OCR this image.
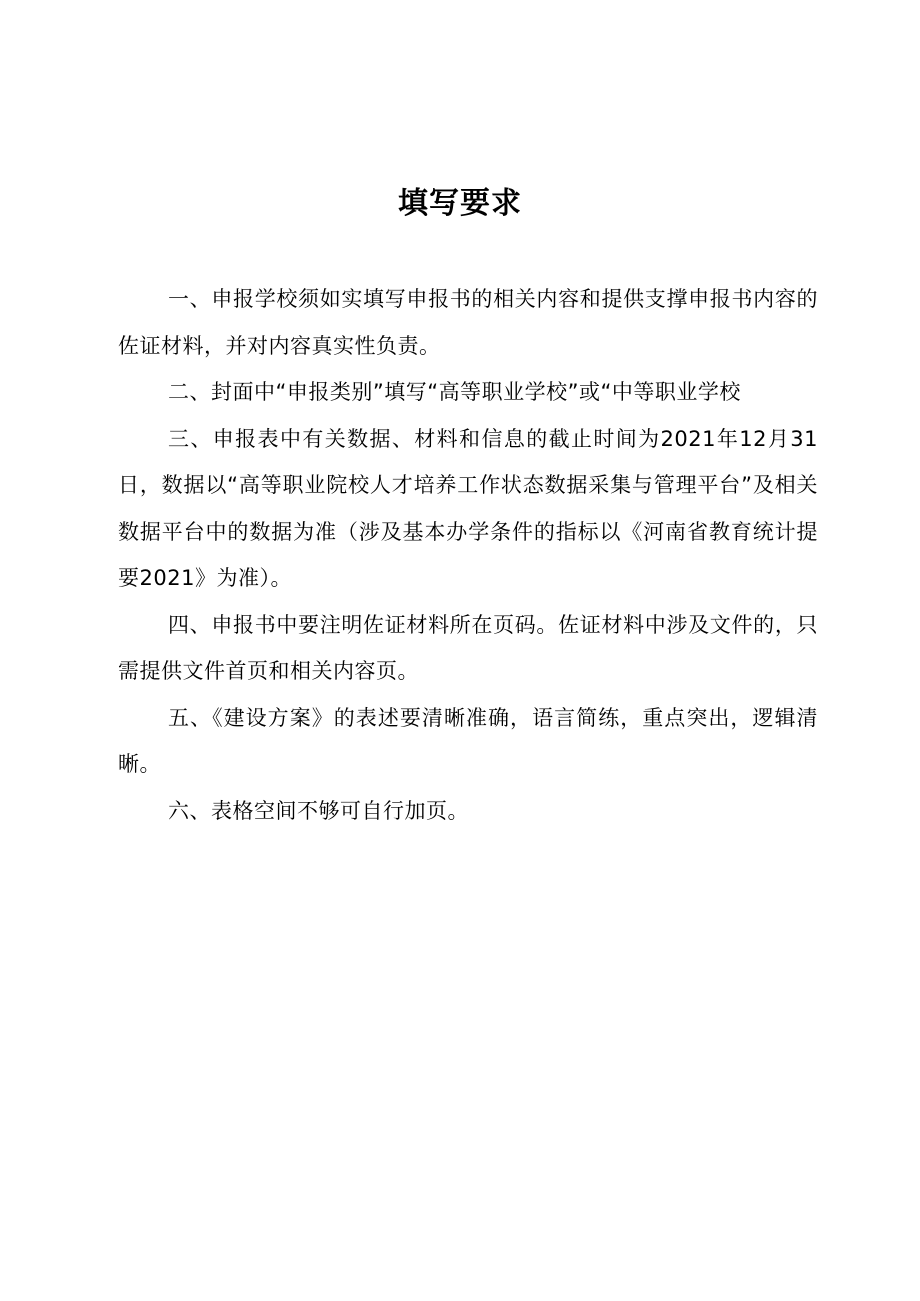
填写要求

一、申报学校须如实填写申报书的相关内容和提供支撑申报书内容的佐证材料，并对内容真实性负责。

二、封面中“申报类别”填写“高等职业学校”或“中等职业学校

三、申报表中有关数据、材料和信息的截止时间为2021年12月31日，数据以“高等职业院校人才培养工作状态数据采集与管理平台”及相关数据平台中的数据为准（涉及基本办学条件的指标以《河南省教育统计提要2021》为准）。

四、申报书中要注明佐证材料所在页码。佐证材料中涉及文件的，只需提供文件首页和相关内容页。

五、《建设方案》的表述要清晰准确，语言简练，重点突出，逻辑清晰。

六、表格空间不够可自行加页。
